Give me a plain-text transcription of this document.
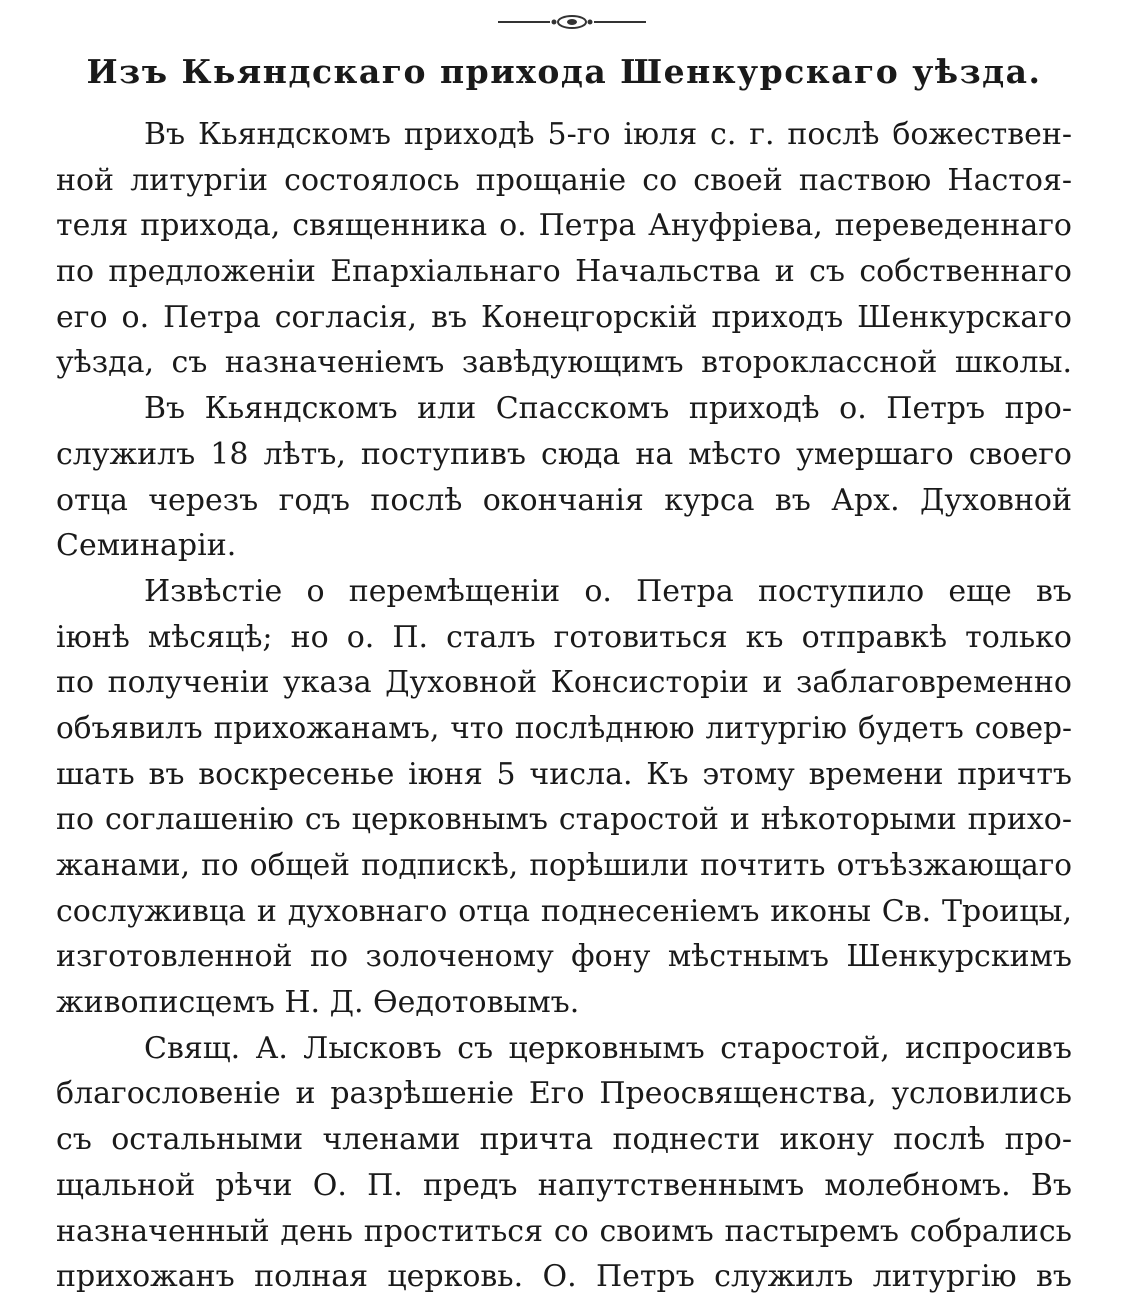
Изъ Кьяндскаго прихода Шенкурскаго уѣзда.
Въ Кьяндскомъ приходѣ 5-го іюля с. г. послѣ божествен-
ной литургіи состоялось прощаніе со своей паствою Настоя-
теля прихода, священника о. Петра Ануфріева, переведеннаго
по предложеніи Епархіальнаго Начальства и съ собственнаго
его о. Петра согласія, въ Конецгорскій приходъ Шенкурскаго
уѣзда, съ назначеніемъ завѣдующимъ второклассной школы.
Въ Кьяндскомъ или Спасскомъ приходѣ о. Петръ про-
служилъ 18 лѣтъ, поступивъ сюда на мѣсто умершаго своего
отца черезъ годъ послѣ окончанія курса въ Арх. Духовной
Семинаріи.
Извѣстіе о перемѣщеніи о. Петра поступило еще въ
іюнѣ мѣсяцѣ; но о. П. сталъ готовиться къ отправкѣ только
по полученіи указа Духовной Консисторіи и заблаговременно
объявилъ прихожанамъ, что послѣднюю литургію будетъ совер-
шать въ воскресенье іюня 5 числа. Къ этому времени причтъ
по соглашенію съ церковнымъ старостой и нѣкоторыми прихо-
жанами, по общей подпискѣ, порѣшили почтить отъѣзжающаго
сослуживца и духовнаго отца поднесеніемъ иконы Св. Троицы,
изготовленной по золоченому фону мѣстнымъ Шенкурскимъ
живописцемъ Н. Д. Ѳедотовымъ.
Свящ. А. Лысковъ съ церковнымъ старостой, испросивъ
благословеніе и разрѣшеніе Его Преосвященства, условились
съ остальными членами причта поднести икону послѣ про-
щальной рѣчи О. П. предъ напутственнымъ молебномъ. Въ
назначенный день проститься со своимъ пастыремъ собрались
прихожанъ полная церковь. О. Петръ служилъ литургію въ
